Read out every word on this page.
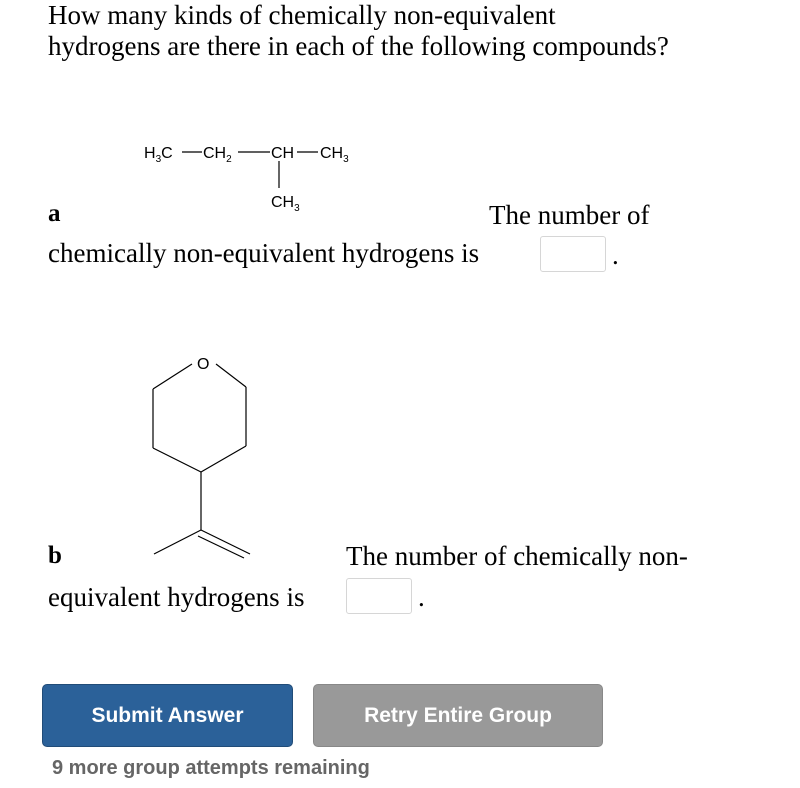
How many kinds of chemically non-equivalent
hydrogens are there in each of the following compounds?
$H_3C$ $CH_2$ CH $CH_3$
$CH_3$
a	The number of
chemically non-equivalent hydrogens is	.
O
b	The number of chemically non-
equivalent hydrogens is	.
Submit Answer	Retry Entire Group
9 more group attempts remaining
